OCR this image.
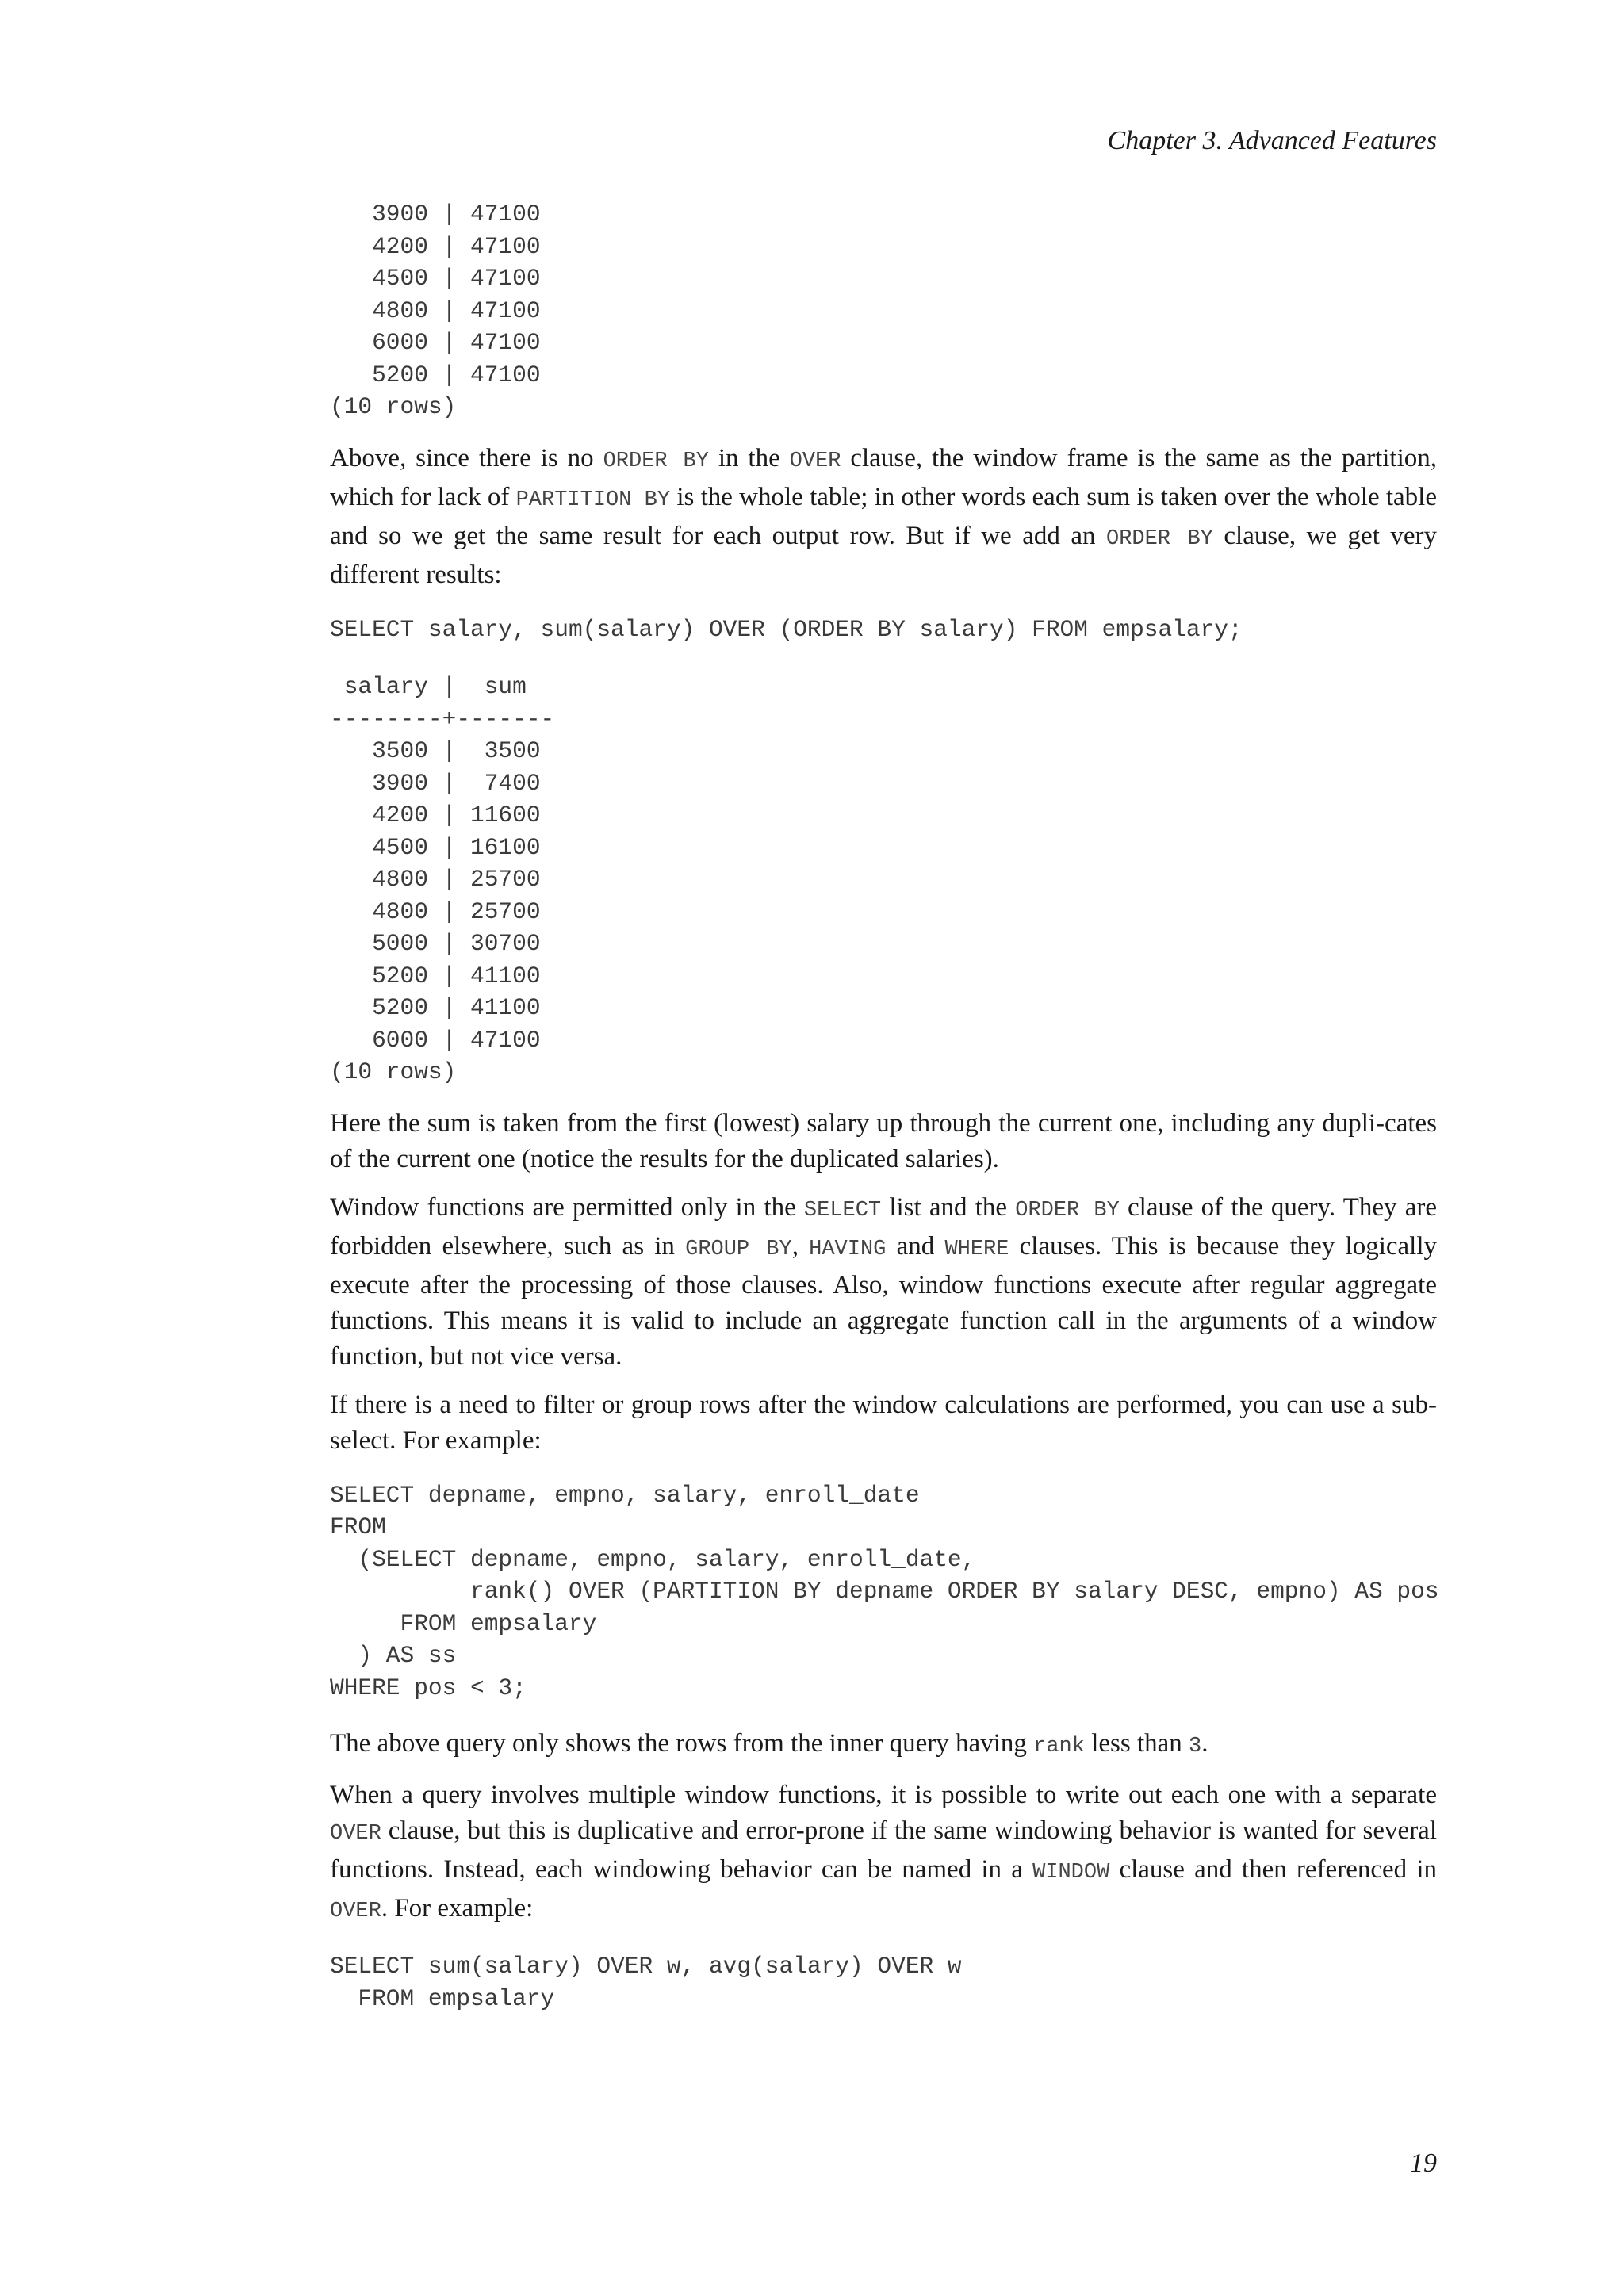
Chapter 3. Advanced Features
3900 | 47100
4200 | 47100
4500 | 47100
4800 | 47100
6000 | 47100
5200 | 47100
(10 rows)

Above, since there is no ORDER BY in the OVER clause, the window frame is the same as the partition, which for lack of PARTITION BY is the whole table; in other words each sum is taken over the whole table and so we get the same result for each output row. But if we add an ORDER BY clause, we get very different results:

SELECT salary, sum(salary) OVER (ORDER BY salary) FROM empsalary;
salary |  sum
--------+-------
3500 |  3500
3900 |  7400
4200 | 11600
4500 | 16100
4800 | 25700
4800 | 25700
5000 | 30700
5200 | 41100
5200 | 41100
6000 | 47100
(10 rows)

Here the sum is taken from the first (lowest) salary up through the current one, including any dupli-cates of the current one (notice the results for the duplicated salaries).

Window functions are permitted only in the SELECT list and the ORDER BY clause of the query. They are forbidden elsewhere, such as in GROUP BY, HAVING and WHERE clauses. This is because they logically execute after the processing of those clauses. Also, window functions execute after regular aggregate functions. This means it is valid to include an aggregate function call in the arguments of a window function, but not vice versa.

If there is a need to filter or group rows after the window calculations are performed, you can use a sub-select. For example:

SELECT depname, empno, salary, enroll_date
FROM
(SELECT depname, empno, salary, enroll_date,
rank() OVER (PARTITION BY depname ORDER BY salary DESC, empno) AS pos
FROM empsalary
) AS ss
WHERE pos < 3;

The above query only shows the rows from the inner query having rank less than 3.

When a query involves multiple window functions, it is possible to write out each one with a separate OVER clause, but this is duplicative and error-prone if the same windowing behavior is wanted for several functions. Instead, each windowing behavior can be named in a WINDOW clause and then referenced in OVER. For example:

SELECT sum(salary) OVER w, avg(salary) OVER w
FROM empsalary
19
